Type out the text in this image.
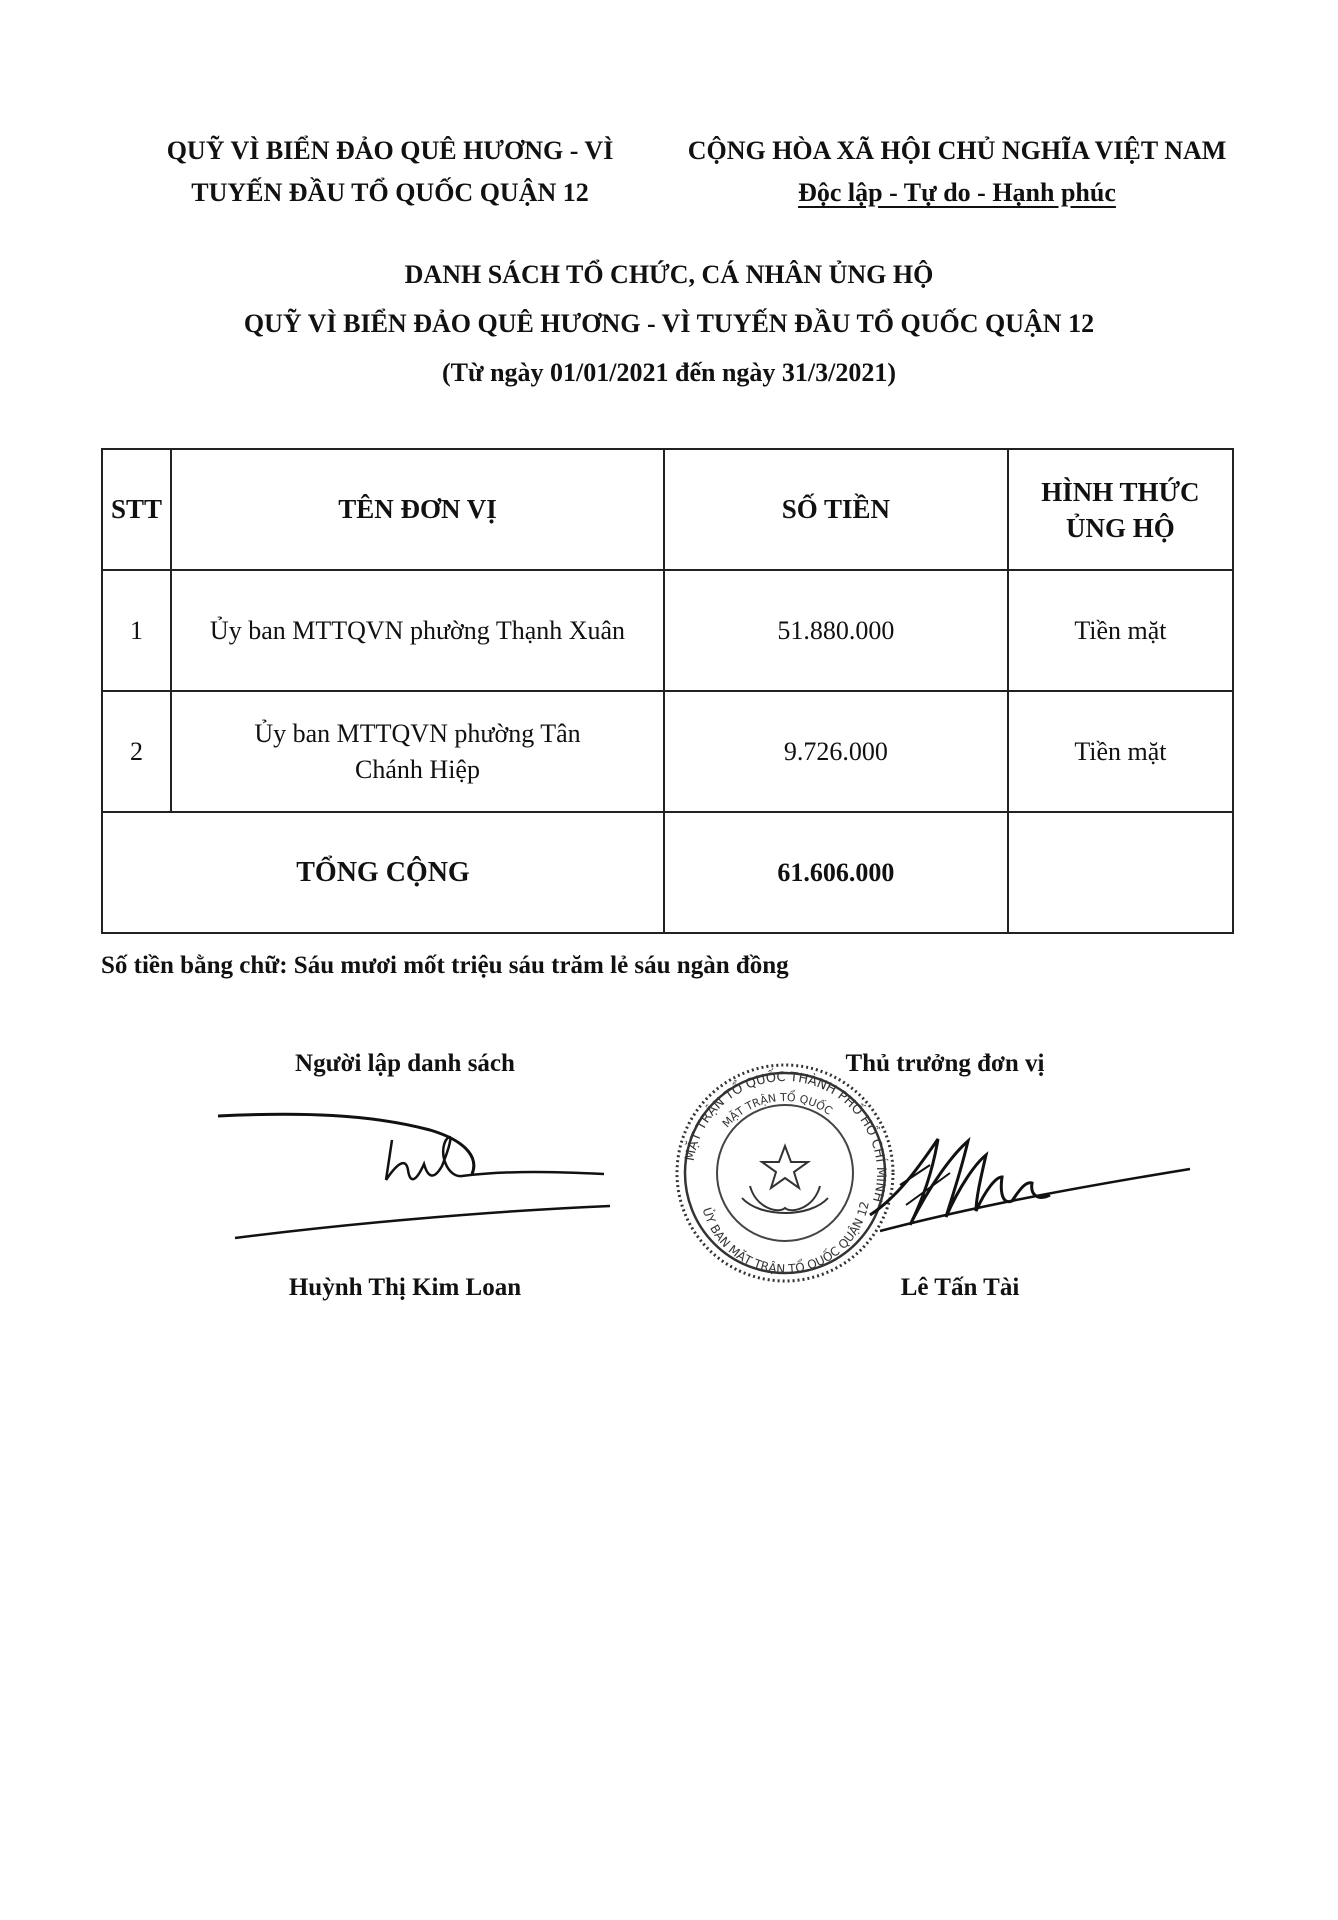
QUỸ VÌ BIỂN ĐẢO QUÊ HƯƠNG - VÌ
TUYẾN ĐẦU TỔ QUỐC QUẬN 12
CỘNG HÒA XÃ HỘI CHỦ NGHĨA VIỆT NAM
Độc lập - Tự do - Hạnh phúc
DANH SÁCH TỔ CHỨC, CÁ NHÂN ỦNG HỘ
QUỸ VÌ BIỂN ĐẢO QUÊ HƯƠNG - VÌ TUYẾN ĐẦU TỔ QUỐC QUẬN 12
(Từ ngày 01/01/2021 đến ngày 31/3/2021)
STT	TÊN ĐƠN VỊ	SỐ TIỀN	HÌNH THỨC ỦNG HỘ
1	Ủy ban MTTQVN phường Thạnh Xuân	51.880.000	Tiền mặt
2	Ủy ban MTTQVN phường Tân Chánh Hiệp	9.726.000	Tiền mặt
TỔNG CỘNG		61.606.000	
Số tiền bằng chữ: Sáu mươi mốt triệu sáu trăm lẻ sáu ngàn đồng
Người lập danh sách	Thủ trưởng đơn vị
MẶT TRẬN TỔ QUỐC THÀNH PHỐ HỒ CHÍ MINH
MẶT TRẬN TỔ QUỐC
ỦY BAN MẶT TRẬN TỔ QUỐC QUẬN 12
Huỳnh Thị Kim Loan	Lê Tấn Tài
